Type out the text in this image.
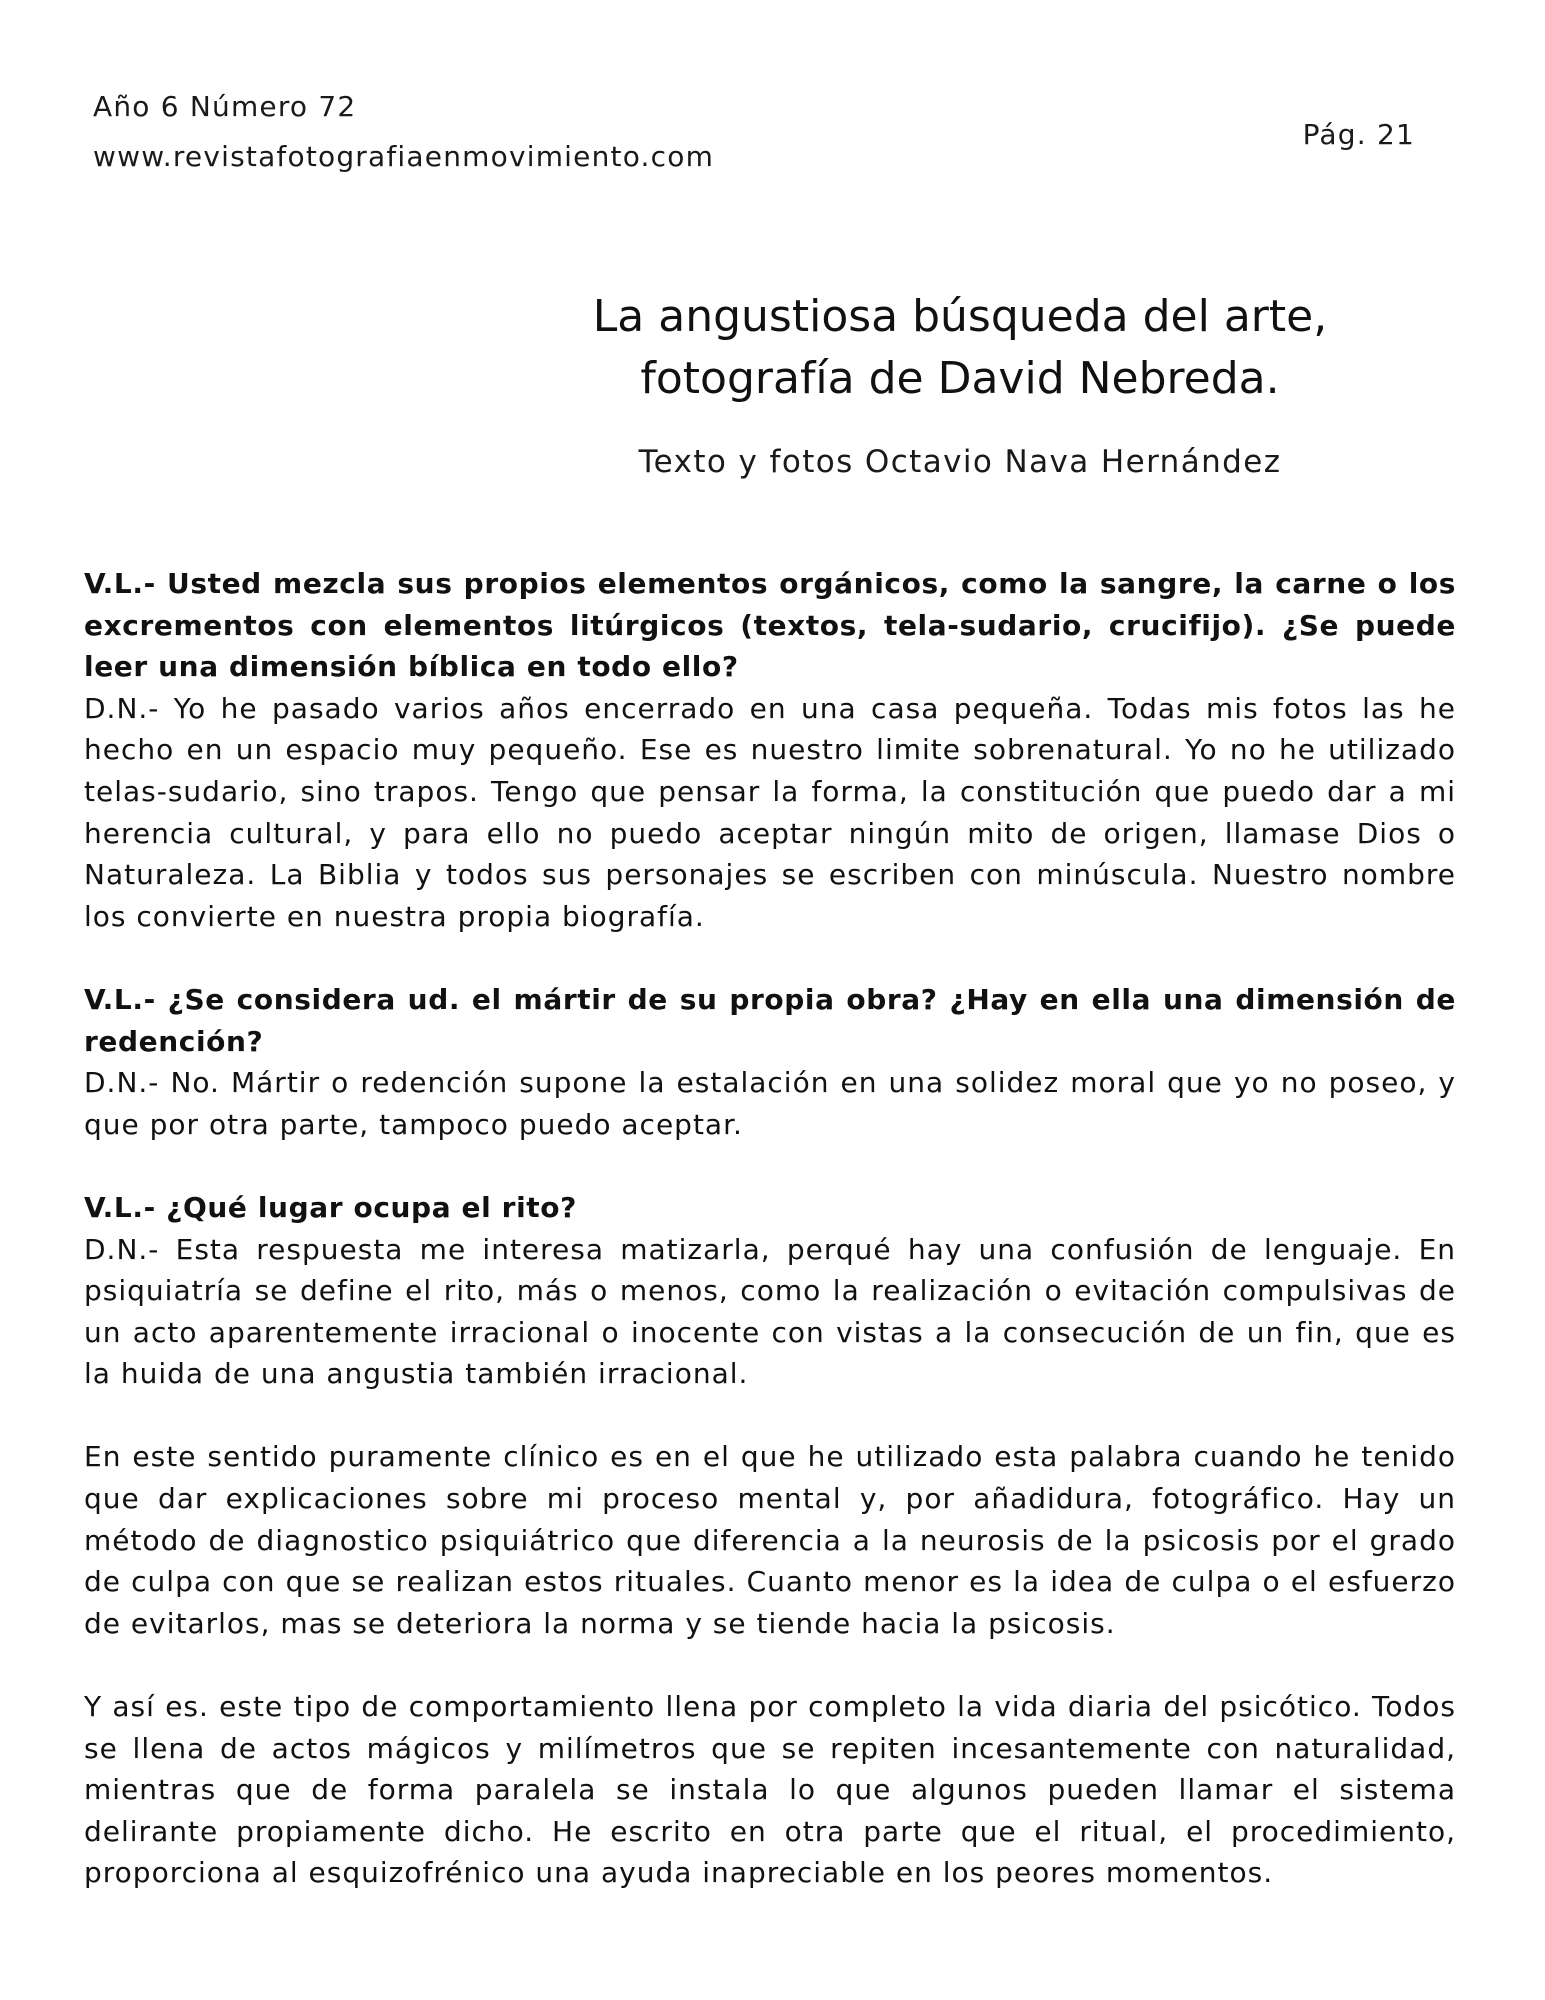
Año 6 Número 72
www.revistafotografiaenmovimiento.com
Pág. 21
La angustiosa búsqueda del arte,
fotografía de David Nebreda.
Texto y fotos Octavio Nava Hernández

V.L.- Usted mezcla sus propios elementos orgánicos, como la sangre, la carne o los excrementos con elementos litúrgicos (textos, tela-sudario, crucifijo). ¿Se puede leer una dimensión bíblica en todo ello?

D.N.- Yo he pasado varios años encerrado en una casa pequeña. Todas mis fotos las he hecho en un espacio muy pequeño. Ese es nuestro limite sobrenatural. Yo no he utilizado telas-sudario, sino trapos. Tengo que pensar la forma, la constitución que puedo dar a mi herencia cultural, y para ello no puedo aceptar ningún mito de origen, llamase Dios o Naturaleza. La Biblia y todos sus personajes se escriben con minúscula. Nuestro nombre los convierte en nuestra propia biografía.

V.L.- ¿Se considera ud. el mártir de su propia obra? ¿Hay en ella una dimensión de redención?

D.N.- No. Mártir o redención supone la estalación en una solidez moral que yo no poseo, y que por otra parte, tampoco puedo aceptar.

V.L.- ¿Qué lugar ocupa el rito?

D.N.- Esta respuesta me interesa matizarla, perqué hay una confusión de lenguaje. En psiquiatría se define el rito, más o menos, como la realización o evitación compulsivas de un acto aparentemente irracional o inocente con vistas a la consecución de un fin, que es la huida de una angustia también irracional.

En este sentido puramente clínico es en el que he utilizado esta palabra cuando he tenido que dar explicaciones sobre mi proceso mental y, por añadidura, fotográfico. Hay un método de diagnostico psiquiátrico que diferencia a la neurosis de la psicosis por el grado de culpa con que se realizan estos rituales. Cuanto menor es la idea de culpa o el esfuerzo de evitarlos, mas se deteriora la norma y se tiende hacia la psicosis.

Y así es. este tipo de comportamiento llena por completo la vida diaria del psicótico. Todos se llena de actos mágicos y milímetros que se repiten incesantemente con naturalidad, mientras que de forma paralela se instala lo que algunos pueden llamar el sistema delirante propiamente dicho. He escrito en otra parte que el ritual, el procedimiento, proporciona al esquizofrénico una ayuda inapreciable en los peores momentos.
